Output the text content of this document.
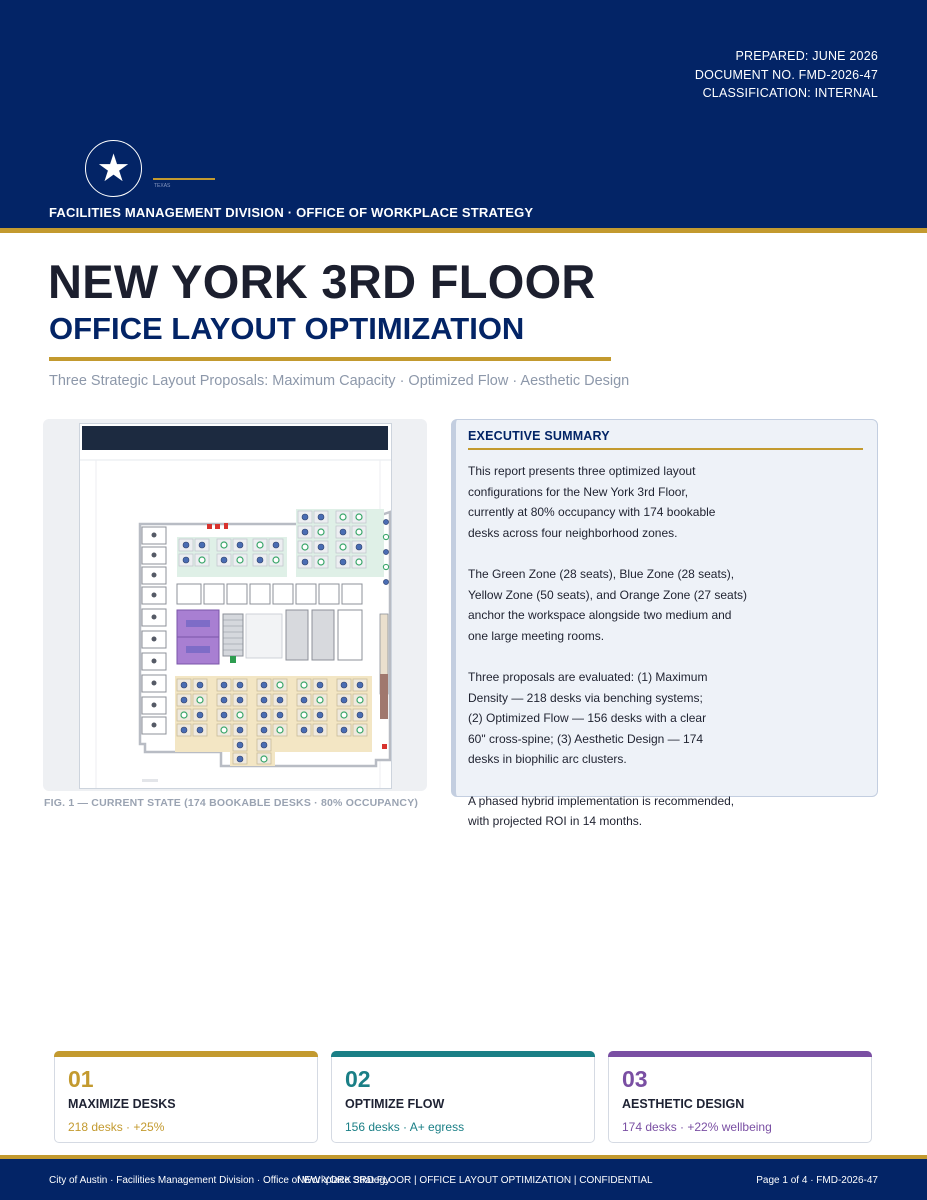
PREPARED: JUNE 2026
DOCUMENT NO. FMD-2026-47
CLASSIFICATION: INTERNAL
★	TEXAS
FACILITIES MANAGEMENT DIVISION · OFFICE OF WORKPLACE STRATEGY
NEW YORK 3RD FLOOR
OFFICE LAYOUT OPTIMIZATION
Three Strategic Layout Proposals: Maximum Capacity · Optimized Flow · Aesthetic Design
FIG. 1 — CURRENT STATE (174 BOOKABLE DESKS · 80% OCCUPANCY)
EXECUTIVE SUMMARY

This report presents three optimized layout
configurations for the New York 3rd Floor,
currently at 80% occupancy with 174 bookable
desks across four neighborhood zones.

The Green Zone (28 seats), Blue Zone (28 seats),
Yellow Zone (50 seats), and Orange Zone (27 seats)
anchor the workspace alongside two medium and
one large meeting rooms.

Three proposals are evaluated: (1) Maximum
Density — 218 desks via benching systems;
(2) Optimized Flow — 156 desks with a clear
60" cross-spine; (3) Aesthetic Design — 174
desks in biophilic arc clusters.

A phased hybrid implementation is recommended,
with projected ROI in 14 months.

01
MAXIMIZE DESKS
218 desks · +25%
02
OPTIMIZE FLOW
156 desks · A+ egress
03
AESTHETIC DESIGN
174 desks · +22% wellbeing
City of Austin · Facilities Management Division · Office of Workplace Strategy
NEW YORK 3RD FLOOR | OFFICE LAYOUT OPTIMIZATION | CONFIDENTIAL	Page 1 of 4 · FMD-2026-47
